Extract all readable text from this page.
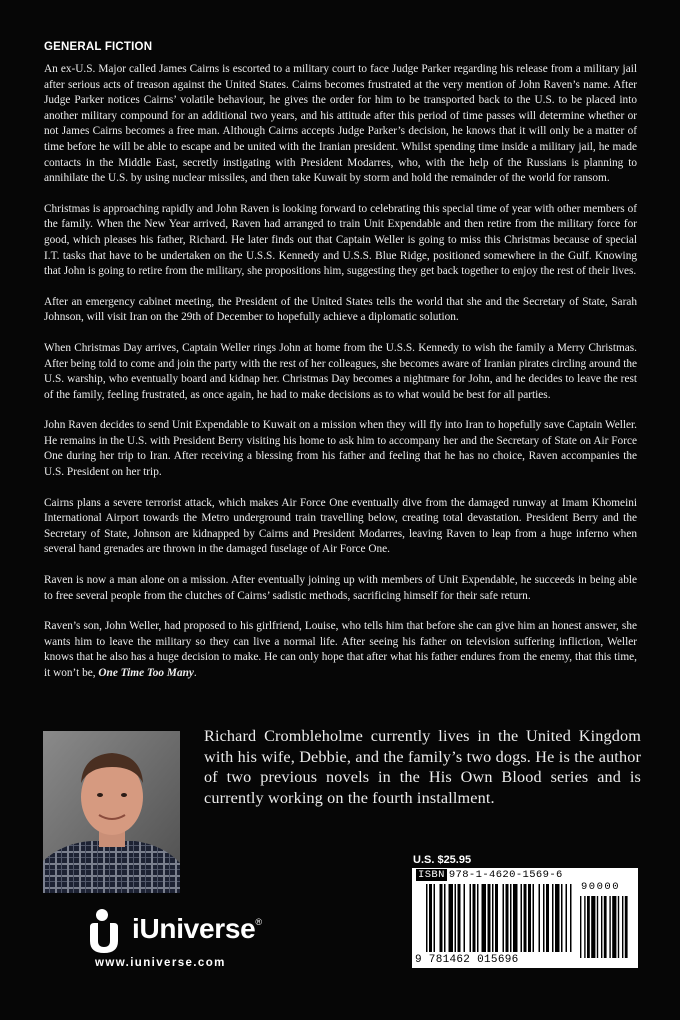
GENERAL FICTION

An ex-U.S. Major called James Cairns is escorted to a military court to face Judge Parker regarding his release from a military jail after serious acts of treason against the United States. Cairns becomes frustrated at the very mention of John Raven’s name. After Judge Parker notices Cairns’ volatile behaviour, he gives the order for him to be transported back to the U.S. to be placed into another military compound for an additional two years, and his attitude after this period of time passes will determine whether or not James Cairns becomes a free man. Although Cairns accepts Judge Parker’s decision, he knows that it will only be a matter of time before he will be able to escape and be united with the Iranian president. Whilst spending time inside a military jail, he made contacts in the Middle East, secretly instigating with President Modarres, who, with the help of the Russians is planning to annihilate the U.S. by using nuclear missiles, and then take Kuwait by storm and hold the remainder of the world for ransom.

Christmas is approaching rapidly and John Raven is looking forward to celebrating this special time of year with other members of the family. When the New Year arrived, Raven had arranged to train Unit Expendable and then retire from the military force for good, which pleases his father, Richard. He later finds out that Captain Weller is going to miss this Christmas because of special I.T. tasks that have to be undertaken on the U.S.S. Kennedy and U.S.S. Blue Ridge, positioned somewhere in the Gulf. Knowing that John is going to retire from the military, she propositions him, suggesting they get back together to enjoy the rest of their lives.

After an emergency cabinet meeting, the President of the United States tells the world that she and the Secretary of State, Sarah Johnson, will visit Iran on the 29th of December to hopefully achieve a diplomatic solution.

When Christmas Day arrives, Captain Weller rings John at home from the U.S.S. Kennedy to wish the family a Merry Christmas. After being told to come and join the party with the rest of her colleagues, she becomes aware of Iranian pirates circling around the U.S. warship, who eventually board and kidnap her. Christmas Day becomes a nightmare for John, and he decides to leave the rest of the family, feeling frustrated, as once again, he had to make decisions as to what would be best for all parties.

John Raven decides to send Unit Expendable to Kuwait on a mission when they will fly into Iran to hopefully save Captain Weller. He remains in the U.S. with President Berry visiting his home to ask him to accompany her and the Secretary of State on Air Force One during her trip to Iran. After receiving a blessing from his father and feeling that he has no choice, Raven accompanies the U.S. President on her trip.

Cairns plans a severe terrorist attack, which makes Air Force One eventually dive from the damaged runway at Imam Khomeini International Airport towards the Metro underground train travelling below, creating total devastation. President Berry and the Secretary of State, Johnson are kidnapped by Cairns and President Modarres, leaving Raven to leap from a huge inferno when several hand grenades are thrown in the damaged fuselage of Air Force One.

Raven is now a man alone on a mission. After eventually joining up with members of Unit Expendable, he succeeds in being able to free several people from the clutches of Cairns’ sadistic methods, sacrificing himself for their safe return.

Raven’s son, John Weller, had proposed to his girlfriend, Louise, who tells him that before she can give him an honest answer, she wants him to leave the military so they can live a normal life. After seeing his father on television suffering infliction, Weller knows that he also has a huge decision to make. He can only hope that after what his father endures from the enemy, that this time, it won’t be, One Time Too Many.

Richard Crombleholme currently lives in the United Kingdom with his wife, Debbie, and the family’s two dogs. He is the author of two previous novels in the His Own Blood series and is currently working on the fourth installment.
U.S. $25.95
ISBN 978-1-4620-1569-6
90000
9 781462 015696
iUniverse®
www.iuniverse.com
